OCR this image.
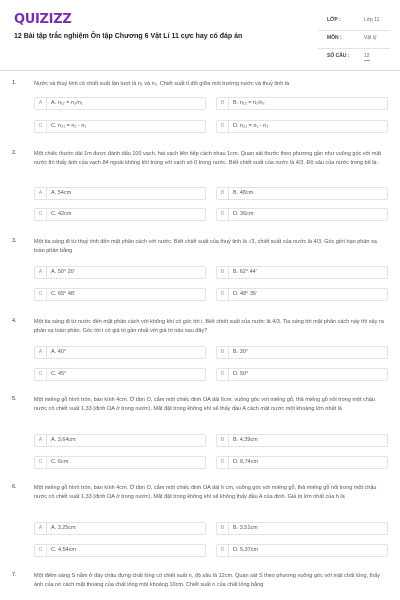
QUIZIZZ
12 Bài tập trắc nghiệm Ôn tập Chương 6 Vật Lí 11 cực hay có đáp án
LỚP :	Lớp 11
MÔN :	Vật lý
SỐ CÂU :	12
1.	Nước và thuỷ tinh có chiết suất lần lượt là n₁ và n₂. Chiết suất tỉ đối giữa môi trường nước và thuỷ tinh là
A	A. n₁₂ = n₂/n₁	B	B. n₁₂ = n₁/n₂
C	C. n₂₁ = n₂ - n₁	D	D. n₂₁ = n₁ - n₂
2.	Một chiếc thước dài 1m được đánh dấu 100 vạch, hai vạch liên tiếp cách nhau 1cm. Quan sát thước theo phương gần như vuông góc với mặt nước thì thấy ảnh của vạch 84 ngoài không khí trùng với vạch số 0 trong nước. Biết chiết suất của nước là 4/3. Độ sâu của nước trong bể là:
A	A. 54cm	B	B. 48cm
C	C. 42cm	D	D. 36cm
3.	Một tia sáng đi từ thuỷ tinh đến mặt phân cách với nước. Biết chiết suất của thuỷ tinh là √3, chiết suất của nước là 4/3. Góc giới hạn phản xạ toàn phần bằng
A	A. 50° 20'	B	B. 62° 44'
C	C. 65° 48'	D	D. 48° 35'
4.	Một tia sáng đi từ nước đến mặt phân cách với không khí có góc tới i. Biết chiết suất của nước là 4/3. Tia sáng tới mặt phân cách này thì xảy ra phản xạ toàn phần. Góc tới i có giá trị gần nhất với giá trị nào sau đây?
A	A. 40°	B	B. 30°
C	C. 45°	D	D. 50°
5.	Một miếng gỗ hình tròn, bán kính 4cm. Ở tâm O, cắm một chiếc đinh OA dài 6cm, vuông góc với miếng gỗ, thả miếng gỗ nổi trong một chậu nước có chiết suất 1,33 (đinh OA ở trong nước). Mắt đặt trong không khí sẽ thấy đầu A cách mặt nước một khoảng lớn nhất là
A	A. 3,64cm	B	B. 4,39cm
C	C. 6cm	D	D. 8,74cm
6.	Một miếng gỗ hình tròn, bán kính 4cm. Ở tâm O, cắm một chiếc đinh OA dài h cm, vuông góc với miếng gỗ, thả miếng gỗ nổi trong một chậu nước có chiết suất 1,33 (đinh OA ở trong nước). Mắt đặt trong không khí sẽ không thấy đầu A của đinh. Giá trị lớn nhất của h là
A	A. 3,25cm	B	B. 3,51cm
C	C. 4,54cm	D	D. 5,37cm
7.	Một điểm sáng S nằm ở đáy chậu đựng chất lỏng có chiết suất n, độ sâu là 12cm. Quan sát S theo phương vuông góc với mặt chất lỏng, thấy ảnh của nó cách mặt thoáng của chất lỏng một khoảng 10cm. Chiết suất n của chất lỏng bằng
